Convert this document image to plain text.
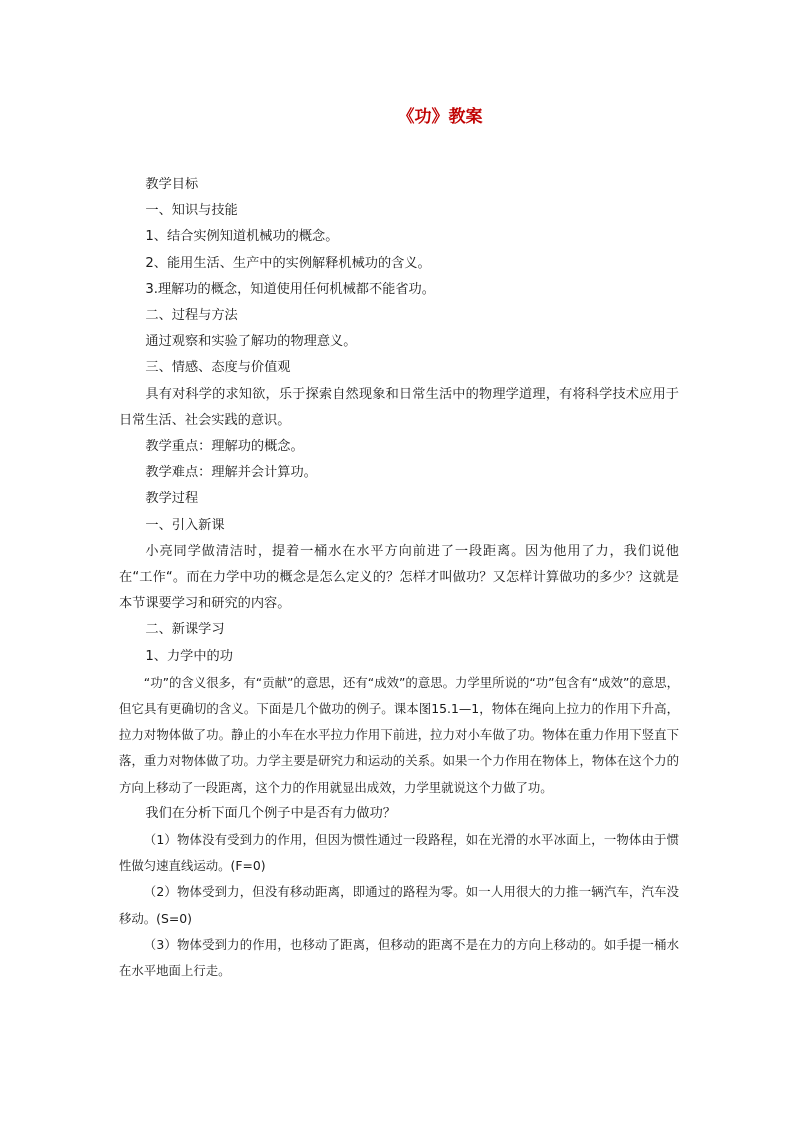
《功》教案

教学目标

一、知识与技能

1、结合实例知道机械功的概念。

2、能用生活、生产中的实例解释机械功的含义。

3.理解功的概念，知道使用任何机械都不能省功。

二、过程与方法

通过观察和实验了解功的物理意义。

三、情感、态度与价值观

具有对科学的求知欲，乐于探索自然现象和日常生活中的物理学道理，有将科学技术应用于日常生活、社会实践的意识。

教学重点：理解功的概念。

教学难点：理解并会计算功。

教学过程

一、引入新课

小亮同学做清洁时，提着一桶水在水平方向前进了一段距离。因为他用了力，我们说他在“工作“。而在力学中功的概念是怎么定义的？怎样才叫做功？又怎样计算做功的多少？这就是本节课要学习和研究的内容。

二、新课学习

1、力学中的功

“功”的含义很多，有“贡献”的意思，还有“成效”的意思。力学里所说的“功”包含有“成效”的意思，但它具有更确切的含义。下面是几个做功的例子。课本图15.1—1，物体在绳向上拉力的作用下升高，拉力对物体做了功。静止的小车在水平拉力作用下前进，拉力对小车做了功。物体在重力作用下竖直下落，重力对物体做了功。力学主要是研究力和运动的关系。如果一个力作用在物体上，物体在这个力的方向上移动了一段距离，这个力的作用就显出成效，力学里就说这个力做了功。

我们在分析下面几个例子中是否有力做功？

（1）物体没有受到力的作用，但因为惯性通过一段路程，如在光滑的水平冰面上，一物体由于惯性做匀速直线运动。(F=0)

（2）物体受到力，但没有移动距离，即通过的路程为零。如一人用很大的力推一辆汽车，汽车没移动。(S=0)

（3）物体受到力的作用，也移动了距离，但移动的距离不是在力的方向上移动的。如手提一桶水在水平地面上行走。
